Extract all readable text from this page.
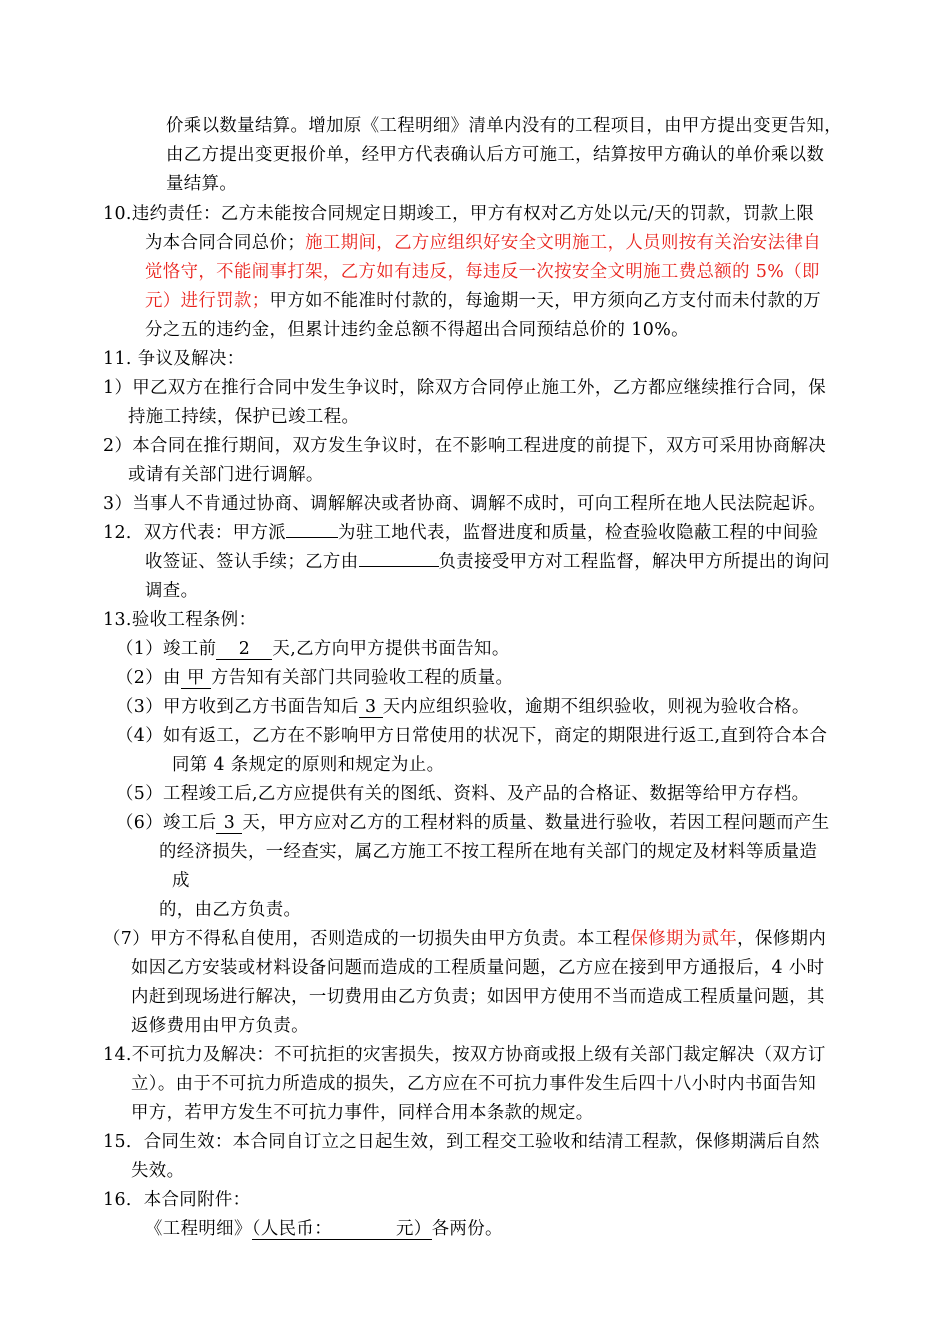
价乘以数量结算。增加原《工程明细》清单内没有的工程项目，由甲方提出变更告知，
由乙方提出变更报价单，经甲方代表确认后方可施工，结算按甲方确认的单价乘以数
量结算。
10.违约责任：乙方未能按合同规定日期竣工，甲方有权对乙方处以元/天的罚款，罚款上限
为本合同合同总价；施工期间，乙方应组织好安全文明施工，人员则按有关治安法律自
觉恪守，不能闹事打架，乙方如有违反，每违反一次按安全文明施工费总额的 5%（即
元）进行罚款；甲方如不能准时付款的，每逾期一天，甲方须向乙方支付而未付款的万
分之五的违约金，但累计违约金总额不得超出合同预结总价的 10%。
11. 争议及解决：
1）甲乙双方在推行合同中发生争议时，除双方合同停止施工外，乙方都应继续推行合同，保
持施工持续，保护已竣工程。
2）本合同在推行期间，双方发生争议时，在不影响工程进度的前提下，双方可采用协商解决
或请有关部门进行调解。
3）当事人不肯通过协商、调解解决或者协商、调解不成时，可向工程所在地人民法院起诉。
12．双方代表：甲方派	为驻工地代表，监督进度和质量，检查验收隐蔽工程的中间验
收签证、签认手续；乙方由	负责接受甲方对工程监督，解决甲方所提出的询问
调查。
13.验收工程条例：
（1）竣工前 2 天,乙方向甲方提供书面告知。
（2）由 甲 方告知有关部门共同验收工程的质量。
（3）甲方收到乙方书面告知后 3 天内应组织验收，逾期不组织验收，则视为验收合格。
（4）如有返工，乙方在不影响甲方日常使用的状况下，商定的期限进行返工,直到符合本合
同第 4 条规定的原则和规定为止。
（5）工程竣工后,乙方应提供有关的图纸、资料、及产品的合格证、数据等给甲方存档。
（6）竣工后 3 天，甲方应对乙方的工程材料的质量、数量进行验收，若因工程问题而产生
的经济损失，一经查实，属乙方施工不按工程所在地有关部门的规定及材料等质量造
成
的，由乙方负责。
（7）甲方不得私自使用，否则造成的一切损失由甲方负责。本工程保修期为贰年，保修期内
如因乙方安装或材料设备问题而造成的工程质量问题，乙方应在接到甲方通报后，4 小时
内赶到现场进行解决，一切费用由乙方负责；如因甲方使用不当而造成工程质量问题，其
返修费用由甲方负责。
14.不可抗力及解决：不可抗拒的灾害损失，按双方协商或报上级有关部门裁定解决（双方订
立）。由于不可抗力所造成的损失，乙方应在不可抗力事件发生后四十八小时内书面告知
甲方，若甲方发生不可抗力事件，同样合用本条款的规定。
15．合同生效：本合同自订立之日起生效，到工程交工验收和结清工程款，保修期满后自然
失效。
16．本合同附件：
《工程明细》（人民币：	元）各两份。
